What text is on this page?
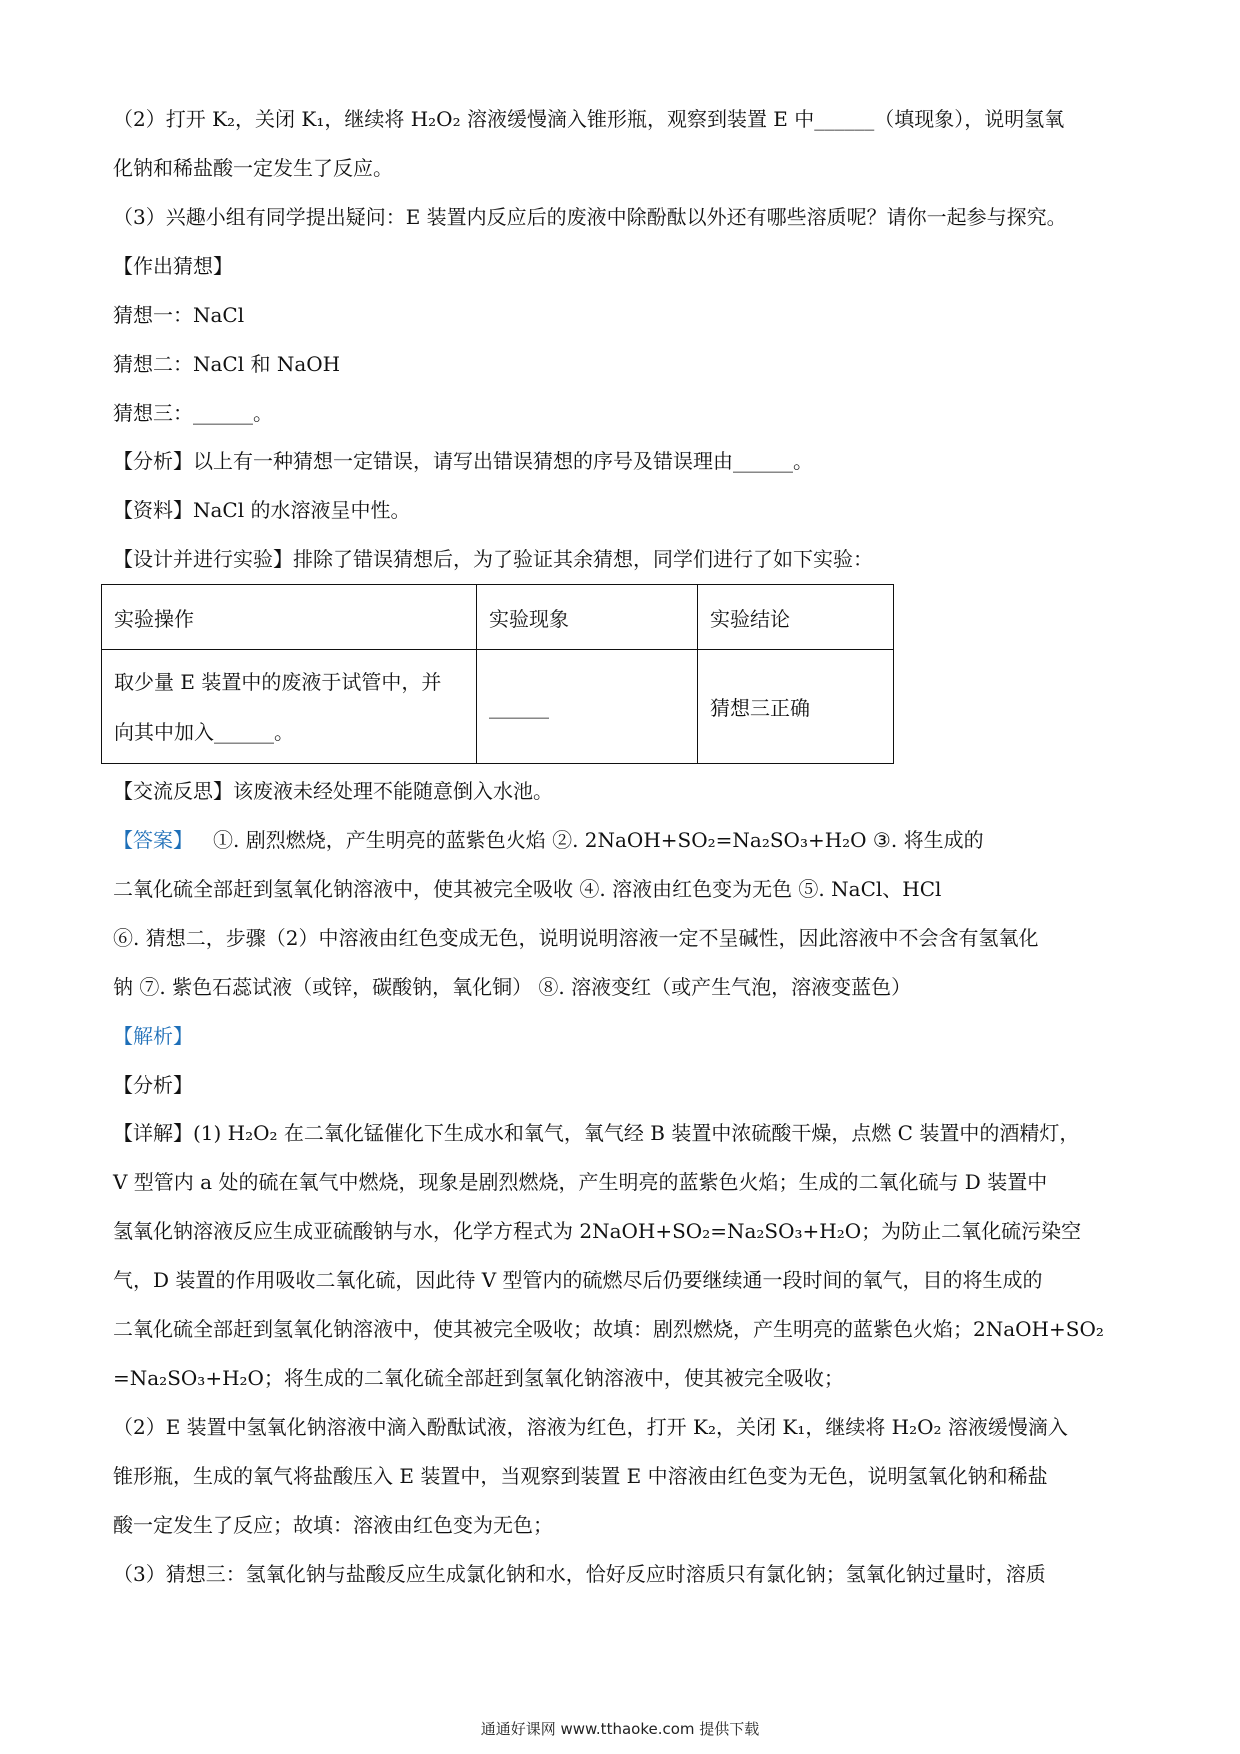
（2）打开 K₂，关闭 K₁，继续将 H₂O₂ 溶液缓慢滴入锥形瓶，观察到装置 E 中______（填现象），说明氢氧
化钠和稀盐酸一定发生了反应。
（3）兴趣小组有同学提出疑问：E 装置内反应后的废液中除酚酞以外还有哪些溶质呢？请你一起参与探究。
【作出猜想】
猜想一：NaCl
猜想二：NaCl 和 NaOH
猜想三：______。
【分析】以上有一种猜想一定错误，请写出错误猜想的序号及错误理由______。
【资料】NaCl 的水溶液呈中性。
【设计并进行实验】排除了错误猜想后，为了验证其余猜想，同学们进行了如下实验：
实验操作	实验现象	实验结论

取少量 E 装置中的废液于试管中，并
向其中加入______。	______	猜想三正确
【交流反思】该废液未经处理不能随意倒入水池。
【答案】  ①. 剧烈燃烧，产生明亮的蓝紫色火焰 ②. 2NaOH+SO₂=Na₂SO₃+H₂O ③. 将生成的
二氧化硫全部赶到氢氧化钠溶液中，使其被完全吸收 ④. 溶液由红色变为无色 ⑤. NaCl、HCl
⑥. 猜想二，步骤（2）中溶液由红色变成无色，说明说明溶液一定不呈碱性，因此溶液中不会含有氢氧化
钠 ⑦. 紫色石蕊试液（或锌，碳酸钠，氧化铜） ⑧. 溶液变红（或产生气泡，溶液变蓝色）
【解析】
【分析】
【详解】(1) H₂O₂ 在二氧化锰催化下生成水和氧气，氧气经 B 装置中浓硫酸干燥，点燃 C 装置中的酒精灯，
V 型管内 a 处的硫在氧气中燃烧，现象是剧烈燃烧，产生明亮的蓝紫色火焰；生成的二氧化硫与 D 装置中
氢氧化钠溶液反应生成亚硫酸钠与水，化学方程式为 2NaOH+SO₂=Na₂SO₃+H₂O；为防止二氧化硫污染空
气，D 装置的作用吸收二氧化硫，因此待 V 型管内的硫燃尽后仍要继续通一段时间的氧气，目的将生成的
二氧化硫全部赶到氢氧化钠溶液中，使其被完全吸收；故填：剧烈燃烧，产生明亮的蓝紫色火焰；2NaOH+SO₂
=Na₂SO₃+H₂O；将生成的二氧化硫全部赶到氢氧化钠溶液中，使其被完全吸收；
（2）E 装置中氢氧化钠溶液中滴入酚酞试液，溶液为红色，打开 K₂，关闭 K₁，继续将 H₂O₂ 溶液缓慢滴入
锥形瓶，生成的氧气将盐酸压入 E 装置中，当观察到装置 E 中溶液由红色变为无色，说明氢氧化钠和稀盐
酸一定发生了反应；故填：溶液由红色变为无色；
（3）猜想三：氢氧化钠与盐酸反应生成氯化钠和水，恰好反应时溶质只有氯化钠；氢氧化钠过量时，溶质
通通好课网 www.tthaoke.com 提供下载
